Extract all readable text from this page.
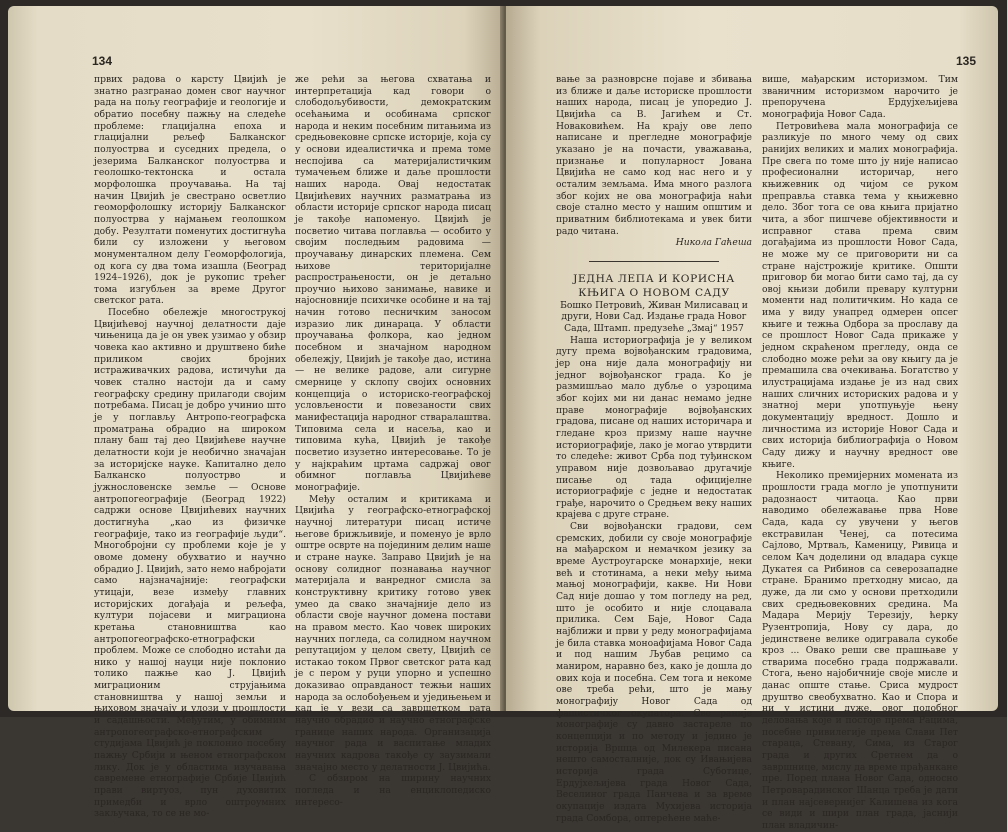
134

првих радова о карсту Цвијић је знатно разгранао домен свог научног рада на пољу географије и геологије и обратио посебну пажњу на следеће проблеме: глацијална епоха и глацијални рељеф Балканског полуострва и суседних предела, о језерима Балканског полуострва и геолошко-тектонска и остала морфолошка проучавања. На тај начин Цвијић је свестрано осветлио геоморфолошку историју Балканског полуострва у најмањем геолошком добу. Резултати поменутих достигнућа били су изложени у његовом монументалном делу Геоморфологија, од кога су два тома изашла (Београд 1924–1926), док је рукопис трећег тома изгубљен за време Другог светског рата.

Посебно обележје многострукој Цвијићевој научној делатности даје чињеница да је он увек узимао у обзир човека као активно и друштвено биће приликом својих бројних истраживачких радова, истичући да човек стално настоји да и саму географску средину прилагоди својим потребама. Писац је добро учинио што је у поглављу Антропо-географска проматрања обрадио на широком плану баш тај део Цвијићеве научне делатности који је необично значајан за историјске науке. Капитално дело Балканско полуострво и јужнословенске земље — Основе антропогеографије (Београд 1922) садржи основе Цвијићевих научних достигнућа „као из физичке географије, тако из географије људи“. Многобројни су проблеми које је у овоме домену обухватио и научно обрадио Ј. Цвијић, зато немо набројати само најзначајније: географски утицаји, везе између главних историјских догађаја и рељефа, култури појасеви и миграциона кретања становништва као антропогеографско-етнографски проблем. Може се слободно истаћи да нико у нашој науци није поклонио толико пажње као Ј. Цвијић миграционим струјањима становништва у нашој земљи и њиховом значају и улози у прошлости и садашњости. Међутим, у обимним антропогеографско-етнографским студијама Цвијић је поклонио посебну пажњу Србији и њеном етнографском лику. Док је у областима изучавања савремене етнографије Србије Цвијић прави виртуоз, пун духовитих примедби и врло оштроумних закључака, то се не мо-

же рећи за његова схватања и интерпретација кад говори о слободољубивости, демократским осећањима и особинама српског народа и неким посебним питањима из средњовековне српске историје, која су у основи идеалистичка и према томе неспојива са материјалистичким тумачењем ближе и даље прошлости наших народа. Овај недостатак Цвијићевих научних разматрања из области историје српског народа писац је такође напоменуо. Цвијић је посветио читава поглавља — особито у својим последњим радовима — проучавању динарских племена. Сем њихове територијалне распрострањености, он је детаљно проучио њихово занимање, навике и најосновније психичке особине и на тај начин готово песничким заносом изразио лик динараца. У области проучавања фолкора, као једном посебном и значајном народном обележју, Цвијић је такође дао, истина — не велике радове, али сигурне смернице у склопу својих основних концепција о историско-географској условљености и повезаности свих манифестација народног стваралаштва. Типовима села и насеља, као и типовима кућа, Цвијић је такође посветио изузетно интересовање. То је у најкраћим цртама садржај овог обимног поглавља Цвијићеве монографије.

Међу осталим и критикама и Цвијића у географско-етнографској научној литератури писац истиче његове брижљивије, и поменуо је врло оштре осврте на појединим делим наше и стране науке. Заправо Цвијић је на основу солидног познавања научног материјала и ванредног смисла за конструктивну критику готово увек умео да свако значајније дело из области своје научног домена постави на правом место. Као човек широких научних погледа, са солидном научном репутацијом у целом свету, Цвијић се истакао током Првог светског рата кад је с пером у руци упорно и успешно доказивао оправданост тежњи наших народа за ослобођењем и уједињењем и кад је у вези са завршетком рата научно обрадио и научно етнографске границе наших народа. Организација научног рада и васпитање младих научних кадрова такође су заузимали значајно место у делатности Ј. Цвијића.

С обзиром на ширину научних погледа и на енциклопедиско интересо-

135

вање за разноврсне појаве и збивања из ближе и даље историске прошлости наших народа, писац је упоредио Ј. Цвијића са В. Јагићем и Ст. Новаковићем. На крају ове лепо написане и прегледне монографије указано је на почасти, уважавања, признање и популарност Јована Цвијића не само код нас него и у осталим земљама. Има много разлога због којих не ова монографија наћи своје стално место у нашим општим и приватним библиотекама и увек бити радо читана.

Никола Гаћеша

ЈЕДНА ЛЕПА И КОРИСНА КЊИГА О НОВОМ САДУ

Бошко Петровић, Живан Милисавац и други, Нови Сад. Издање града Новог Сада, Штамп. предузеће „Змај“ 1957

Наша историографија је у великом дугу према војвођанским градовима, јер она није дала монографију ни једног војвођанског града. Ко је размишљао мало дубље о узроцима због којих ми ни данас немамо једне праве монографије војвођанских градова, писане од наших историчара и гледане кроз призму наше научне историографије, лако је могао утврдити то следеће: живот Срба под туђинском управом није дозвољавао другачије писање од тада официјелне историографије с једне и недостатак грађе, нарочито о Средњем веку наших крајева с друге стране.

Сви војвођански градови, сем сремских, добили су своје монографије на мађарском и немачком језику за време Аустроугарске монархије, неки већ и стотинама, а неки међу њима мањој монографији, какве. Ни Нови Сад није дошао у том погледу на ред, што је особито и није слоцавала прилика. Сем Баје, Новог Сада најближи и први у реду монографијама је била ставка моноафијама Новог Сада и под нашим Љубав рецимо са маниром, наравно без, како је дошла до ових која и посебна. Сем тога и некоме ове треба рећи, што је мању монографију Новог Сада од фашистичког окупатора. Све раније монографије су давно застареле по концепцији и по методу и једино је историја Вршца од Милекера писана нешто самосталније, док су Ивањијева историја града Суботице, Ердујхељијева града Новог Сада, Веселиног града Панчева и за време окупације издата Мухијева историја града Сомбора, оптерећене маће-

више, мађарским историзмом. Тим званичним историзмом нарочито је препоручена Ердујхељијева монографија Новог Сада.

Петровићева мала монографија се разликује по много чему од свих ранијих великих и малих монографија. Пре свега по томе што ју није написао професионални историчар, него књижевник од чијом се руком преправља ставка тема у књижевно дело. Због тога се ова књига пријатно чита, а због пишчеве објективности и исправног става према свим догађајима из прошлости Новог Сада, не може му се приговорити ни са стране најстрожије критике. Општи приговор би могао бити само тај, да су овој књизи добили превару културни моменти над политичким. Но када се има у виду унапред одмерен опсег књиге и тежња Одбора за прославу да се прошлост Новог Сада прикаже у једном скраћеном прегледу, онда се слободно може рећи за ову књигу да је премашила сва очекивања. Богатство у илустрацијама издање је из над свих наших сличних историских радова и у знатној мери употпуњује њену документацију вредност. Дошло и личностима из историје Новог Сада и свих историја библиографија о Новом Саду дижу и научну вредност ове књиге.

Неколико премијерних моменатa из прошлости града могло је употпунити радознаост читаоца. Као први наводимо обележавање прва Нове Сада, када су увучени у његов екстравилан Ченеј, са потесима Сајлово, Мртваљ, Каменицу, Ривица и селом Кач доделини од владара сукце Дукатея са Рибинов са северозападне стране. Бранимо претходну мисао, да дуже, да ли смо у основи претходили свих средњовековних средина. Ма Мадара Мерију Терезију, ћерку Рузентропија, Нову су дара, до јединствене велике одигравала сукобе кроз ... Овако реши све прашњаве у стварима посебно града подржавали. Стога, њено најобичније своје мисле и данас опште стање. Сриса мудрост друштво свеобухватно. Као и Спора и ни у истини дуже, овог подобног деловања које и постоје према Рацима, посебне привилегије према Слави Пет стараца, Стевану, Сима, из Старог града и других Сретнем да о завршнице, мислу да време прађанкане пре. Поред плана Новог Сада, односно Петроварадинског Шанца треба је дати и план најсевернијег Калишева из кога се види и шири план града, јаснији план владичин-
